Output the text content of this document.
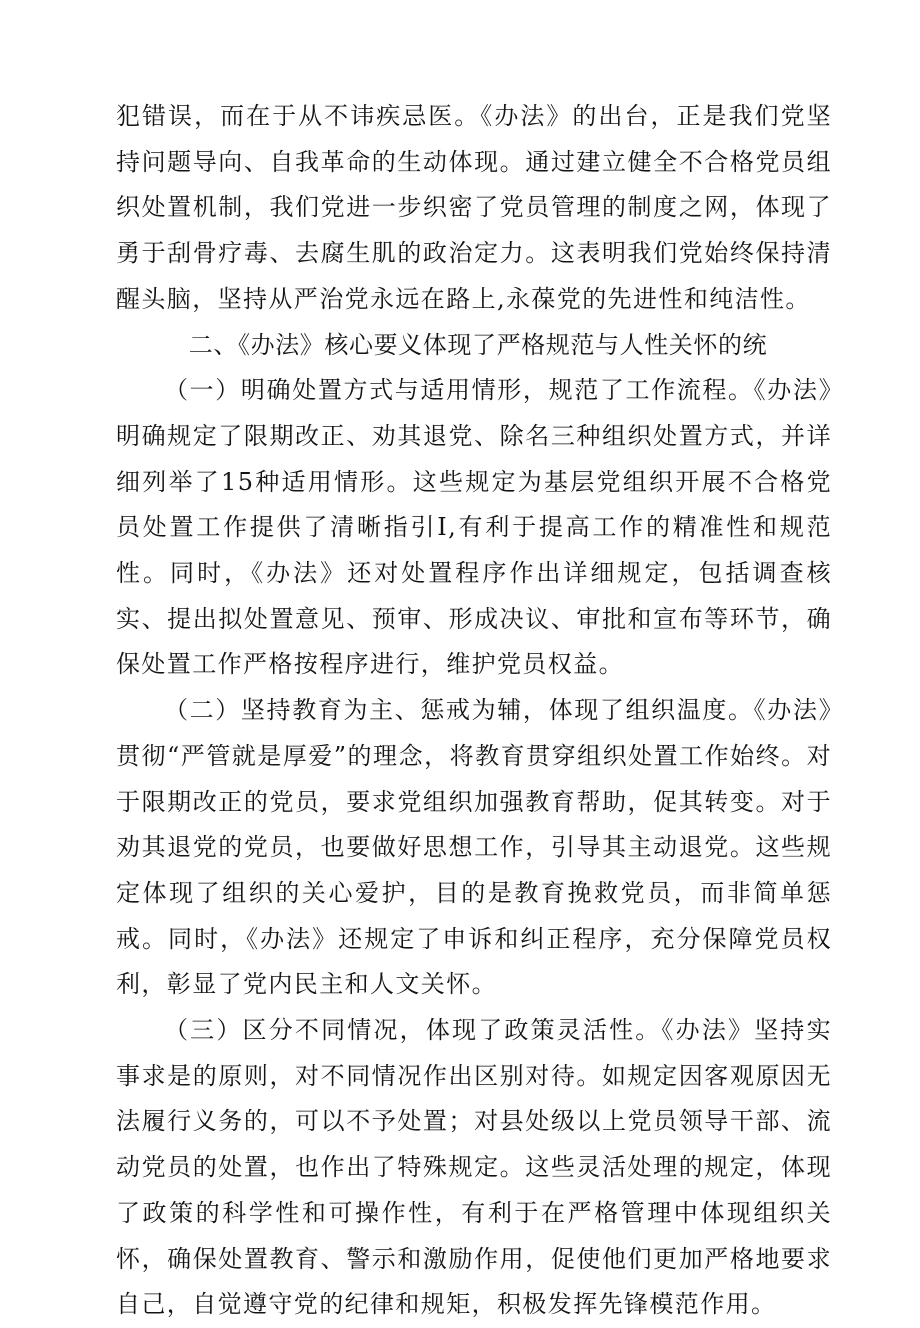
犯错误，而在于从不讳疾忌医。《办法》的出台，正是我们党坚持问题导向、自我革命的生动体现。通过建立健全不合格党员组织处置机制，我们党进一步织密了党员管理的制度之网，体现了勇于刮骨疗毒、去腐生肌的政治定力。这表明我们党始终保持清醒头脑，坚持从严治党永远在路上,永葆党的先进性和纯洁性。

二、《办法》核心要义体现了严格规范与人性关怀的统

（一）明确处置方式与适用情形，规范了工作流程。《办法》明确规定了限期改正、劝其退党、除名三种组织处置方式，并详细列举了15种适用情形。这些规定为基层党组织开展不合格党员处置工作提供了清晰指引I,有利于提高工作的精准性和规范性。同时，《办法》还对处置程序作出详细规定，包括调查核实、提出拟处置意见、预审、形成决议、审批和宣布等环节，确保处置工作严格按程序进行，维护党员权益。

（二）坚持教育为主、惩戒为辅，体现了组织温度。《办法》贯彻“严管就是厚爱”的理念，将教育贯穿组织处置工作始终。对于限期改正的党员，要求党组织加强教育帮助，促其转变。对于劝其退党的党员，也要做好思想工作，引导其主动退党。这些规定体现了组织的关心爱护，目的是教育挽救党员，而非简单惩戒。同时，《办法》还规定了申诉和纠正程序，充分保障党员权利，彰显了党内民主和人文关怀。

（三）区分不同情况，体现了政策灵活性。《办法》坚持实事求是的原则，对不同情况作出区别对待。如规定因客观原因无法履行义务的，可以不予处置；对县处级以上党员领导干部、流动党员的处置，也作出了特殊规定。这些灵活处理的规定，体现了政策的科学性和可操作性，有利于在严格管理中体现组织关怀，确保处置教育、警示和激励作用，促使他们更加严格地要求自己，自觉遵守党的纪律和规矩，积极发挥先锋模范作用。
